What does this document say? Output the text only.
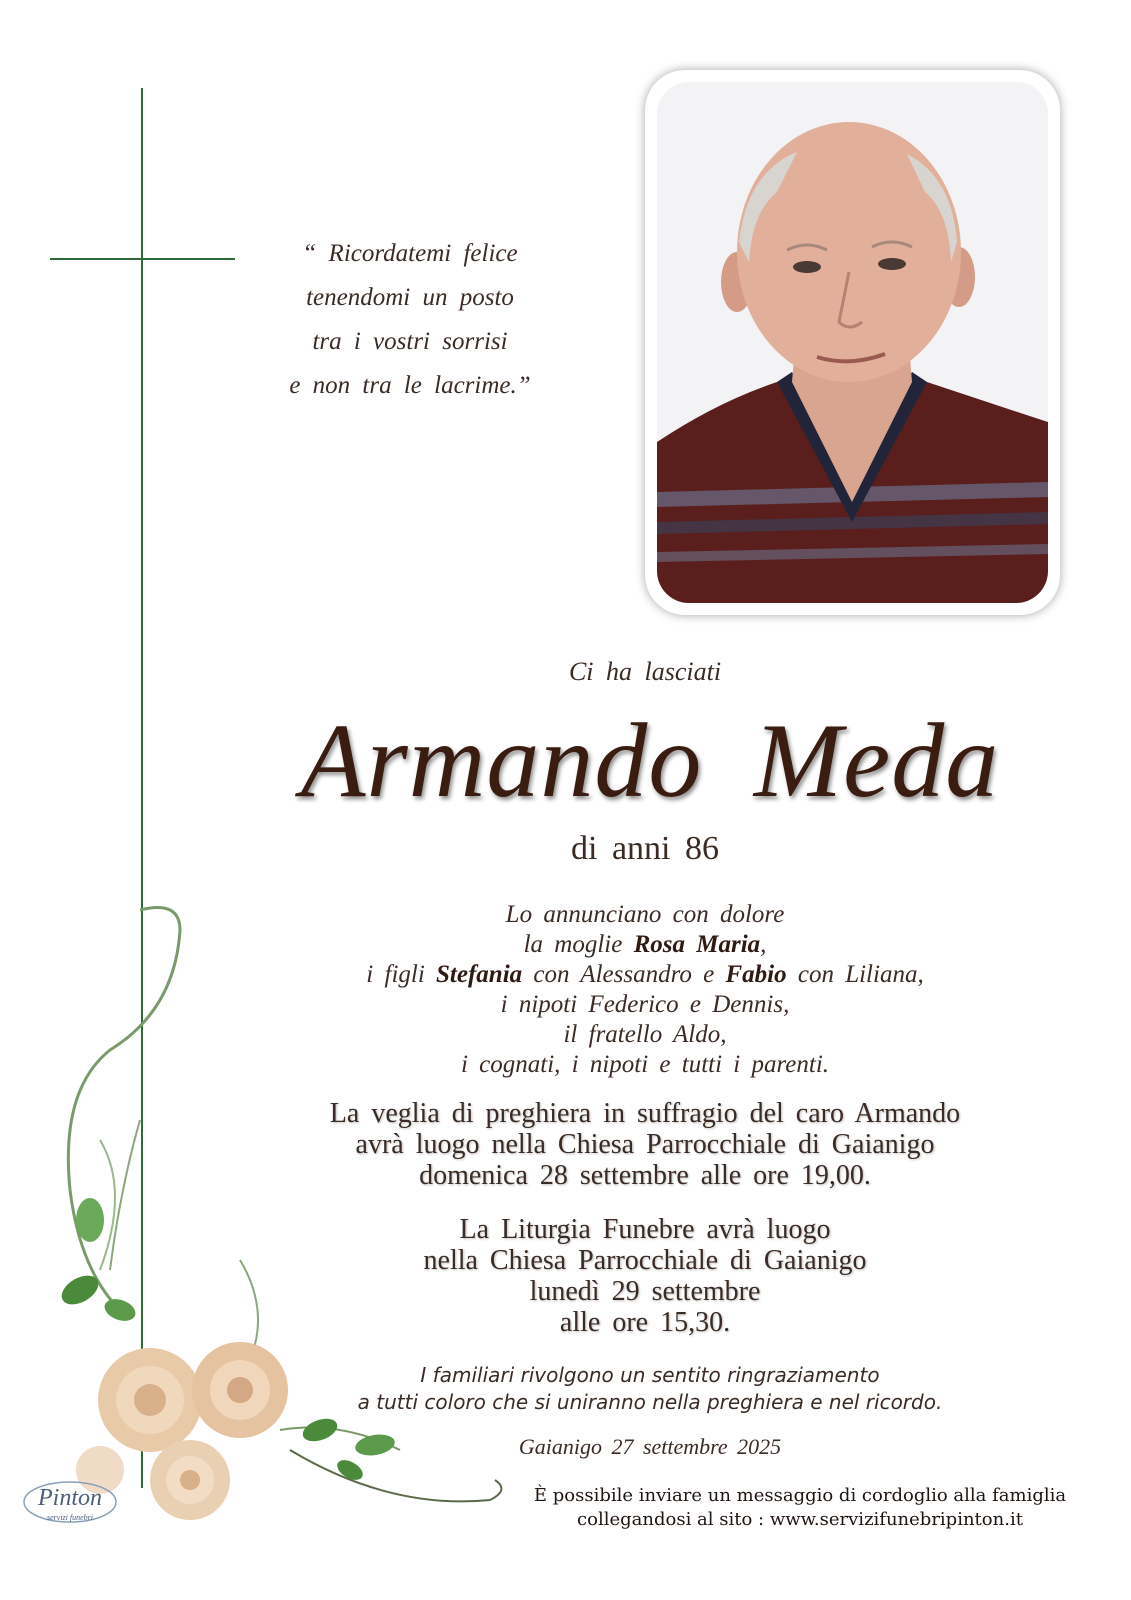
“ Ricordatemi felice
tenendomi un posto
tra i vostri sorrisi
e non tra le lacrime.”
Ci ha lasciati
Armando Meda
di anni 86
Lo annunciano con dolore
la moglie Rosa Maria,
i figli Stefania con Alessandro e Fabio con Liliana,
i nipoti Federico e Dennis,
il fratello Aldo,
i cognati, i nipoti e tutti i parenti.
La veglia di preghiera in suffragio del caro Armando
avrà luogo nella Chiesa Parrocchiale di Gaianigo
domenica 28 settembre alle ore 19,00.
La Liturgia Funebre avrà luogo
nella Chiesa Parrocchiale di Gaianigo
lunedì 29 settembre
alle ore 15,30.
I familiari rivolgono un sentito ringraziamento
a tutti coloro che si uniranno nella preghiera e nel ricordo.
Gaianigo 27 settembre 2025
È possibile inviare un messaggio di cordoglio alla famiglia
collegandosi al sito : www.servizifunebripinton.it
Pinton
servizi funebri
